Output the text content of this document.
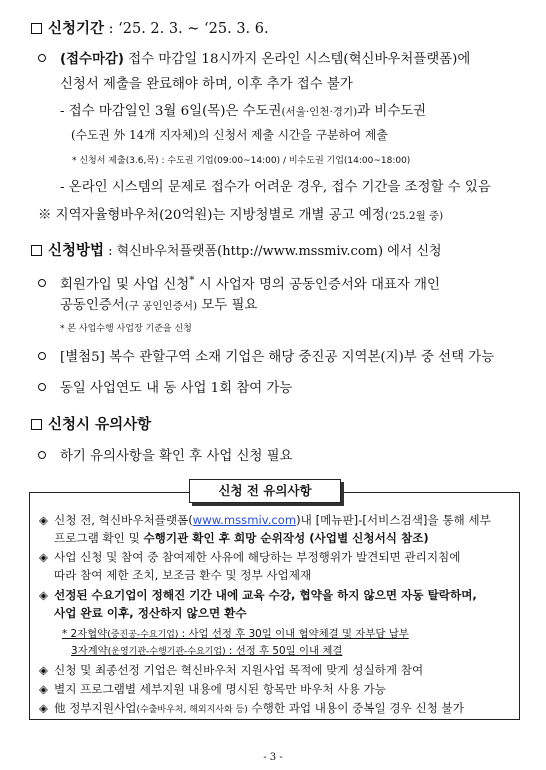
신청기간 : ‘25. 2. 3. ~ ‘25. 3. 6.
(접수마감) 접수 마감일 18시까지 온라인 시스템(혁신바우처플랫폼)에
신청서 제출을 완료해야 하며, 이후 추가 접수 불가
- 접수 마감일인 3월 6일(목)은 수도권(서울·인천·경기)과 비수도권
(수도권 外 14개 지자체)의 신청서 제출 시간을 구분하여 제출
* 신청서 제출(3.6,목) : 수도권 기업(09:00~14:00) / 비수도권 기업(14:00~18:00)
- 온라인 시스템의 문제로 접수가 어려운 경우, 접수 기간을 조정할 수 있음
※ 지역자율형바우처(20억원)는 지방청별로 개별 공고 예정(‘25.2월 중)
신청방법 : 혁신바우처플랫폼(http://www.mssmiv.com) 에서 신청
회원가입 및 사업 신청* 시 사업자 명의 공동인증서와 대표자 개인
공동인증서(구 공인인증서) 모두 필요
* 본 사업수행 사업장 기준을 신청
[별첨5] 복수 관할구역 소재 기업은 해당 중진공 지역본(지)부 중 선택 가능
동일 사업연도 내 동 사업 1회 참여 가능
신청시 유의사항
하기 유의사항을 확인 후 사업 신청 필요
신청 전 유의사항
◈ 신청 전, 혁신바우처플랫폼(www.mssmiv.com)내 [메뉴판]-[서비스검색]을 통해 세부
프로그램 확인 및 수행기관 확인 후 희망 순위작성 (사업별 신청서식 참조)
◈ 사업 신청 및 참여 중 참여제한 사유에 해당하는 부정행위가 발견되면 관리지침에
따라 참여 제한 조치, 보조금 환수 및 정부 사업제재
◈ 선정된 수요기업이 정해진 기간 내에 교육 수강, 협약을 하지 않으면 자동 탈락하며,
사업 완료 이후, 정산하지 않으면 환수
* 2자협약(중진공-수요기업) : 사업 선정 후 30일 이내 협약체결 및 자부담 납부
3자계약(운영기관-수행기관-수요기업) : 선정 후 50일 이내 체결
◈ 신청 및 최종선정 기업은 혁신바우처 지원사업 목적에 맞게 성실하게 참여
◈ 별지 프로그램별 세부지원 내용에 명시된 항목만 바우처 사용 가능
◈ 他 정부지원사업(수출바우처, 해외지사화 등) 수행한 과업 내용이 중복일 경우 신청 불가
- 3 -
